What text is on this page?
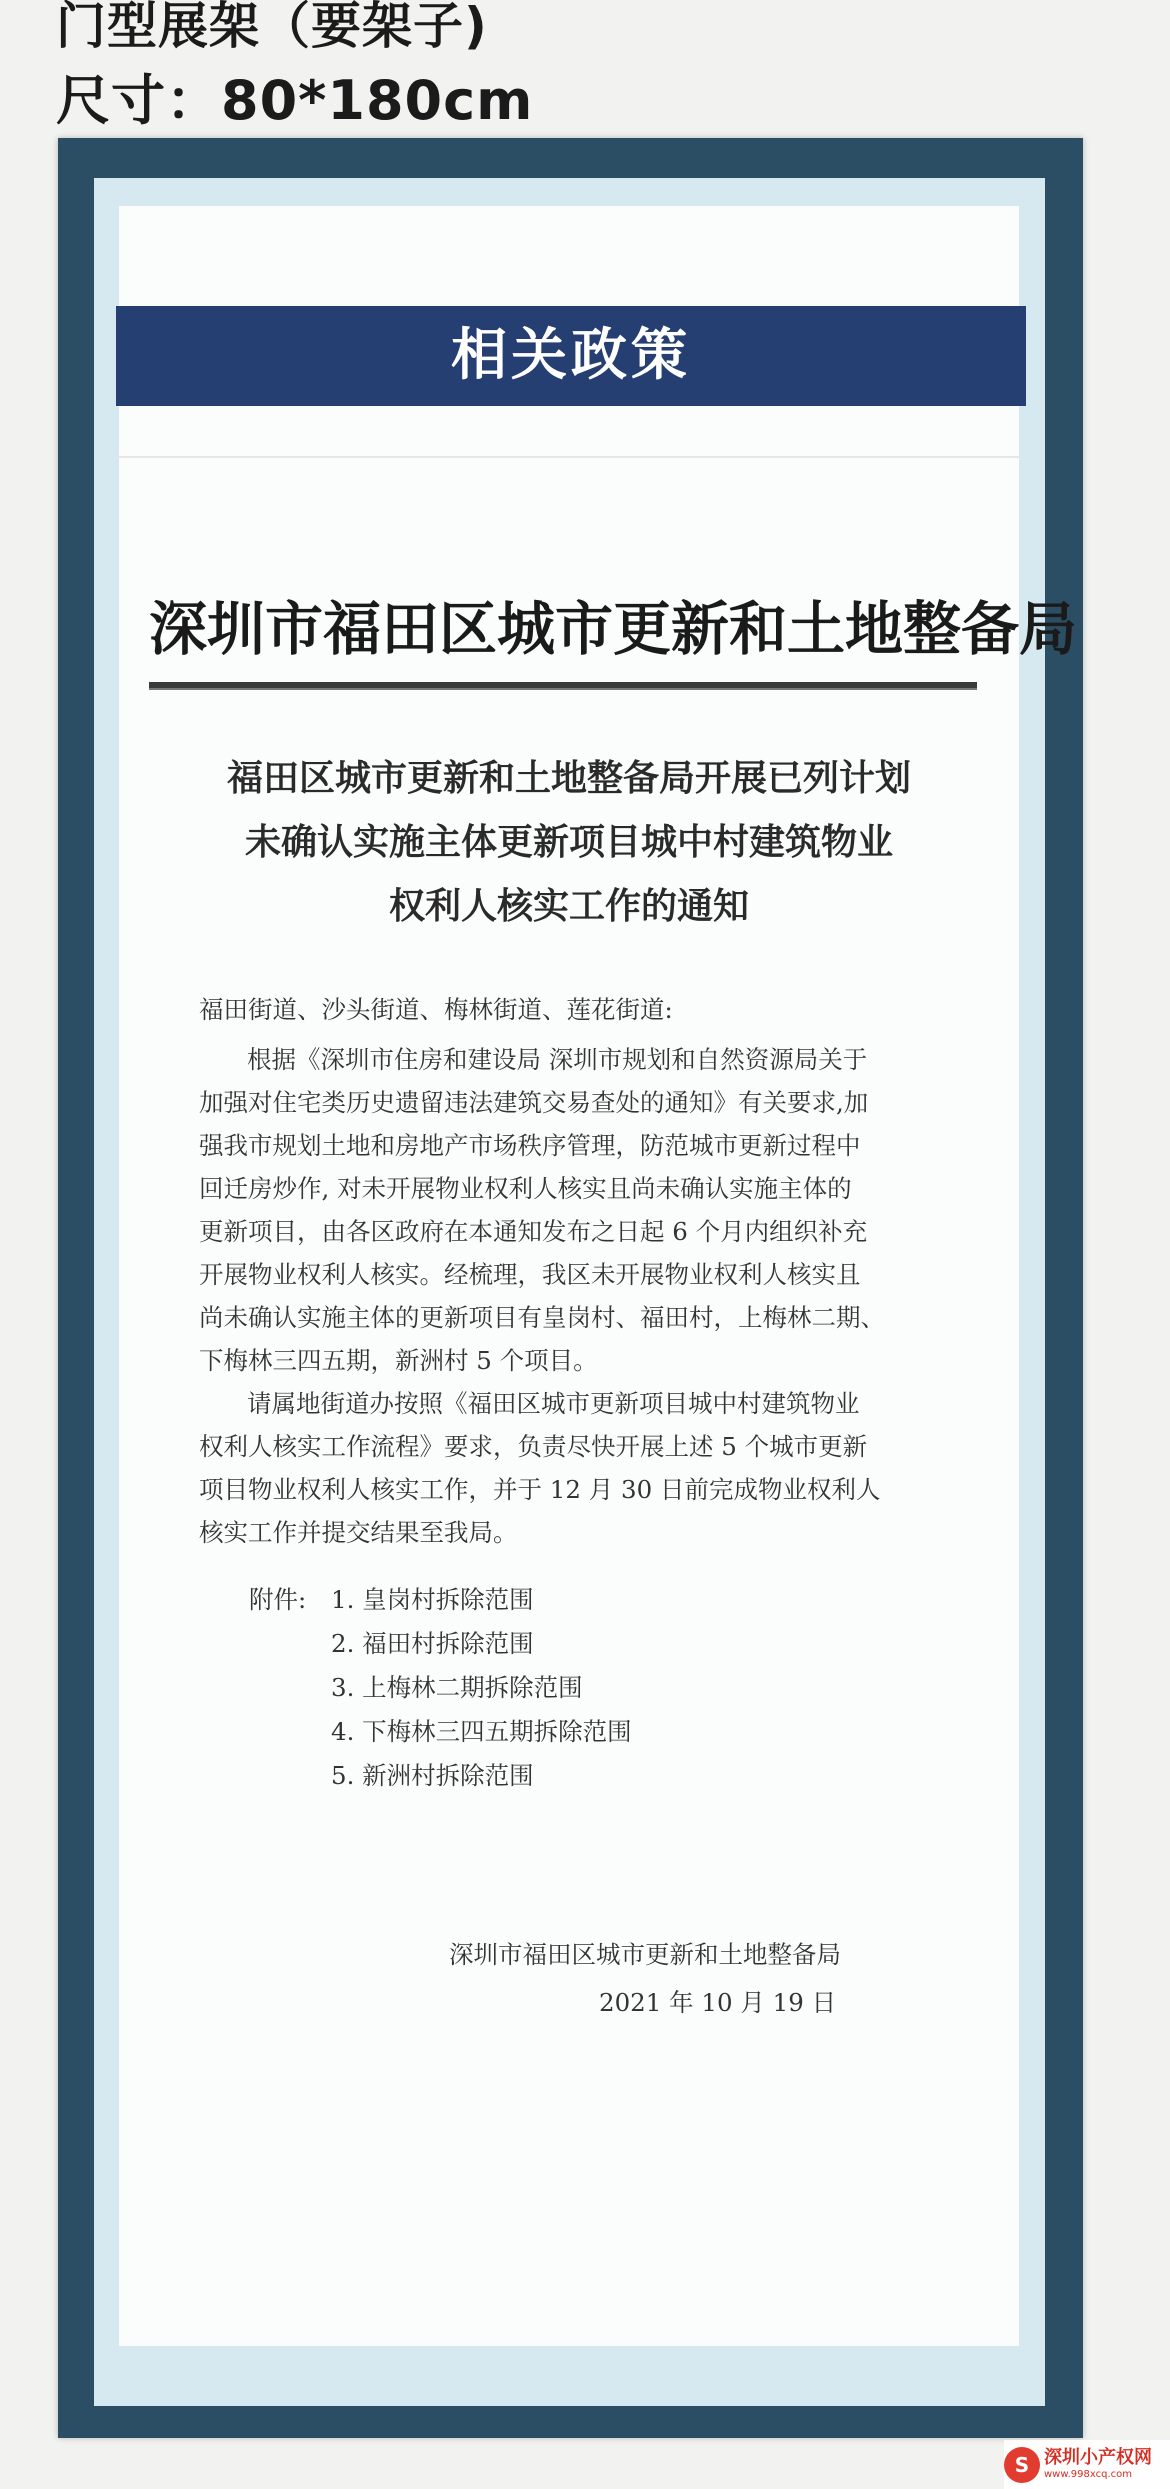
门型展架（要架子)
尺寸：80*180cm
相关政策
深圳市福田区城市更新和土地整备局
福田区城市更新和土地整备局开展已列计划
未确认实施主体更新项目城中村建筑物业
权利人核实工作的通知
福田街道、沙头街道、梅林街道、莲花街道:
根据《深圳市住房和建设局 深圳市规划和自然资源局关于
加强对住宅类历史遗留违法建筑交易查处的通知》有关要求,加
强我市规划土地和房地产市场秩序管理，防范城市更新过程中
回迁房炒作, 对未开展物业权利人核实且尚未确认实施主体的
更新项目，由各区政府在本通知发布之日起 6 个月内组织补充
开展物业权利人核实。经梳理，我区未开展物业权利人核实且
尚未确认实施主体的更新项目有皇岗村、福田村，上梅林二期、
下梅林三四五期，新洲村 5 个项目。
请属地街道办按照《福田区城市更新项目城中村建筑物业
权利人核实工作流程》要求，负责尽快开展上述 5 个城市更新
项目物业权利人核实工作，并于 12 月 30 日前完成物业权利人
核实工作并提交结果至我局。
附件:	1. 皇岗村拆除范围
2. 福田村拆除范围
3. 上梅林二期拆除范围
4. 下梅林三四五期拆除范围
5. 新洲村拆除范围
深圳市福田区城市更新和土地整备局
2021 年 10 月 19 日
S 深圳小产权网
www.998xcq.com
